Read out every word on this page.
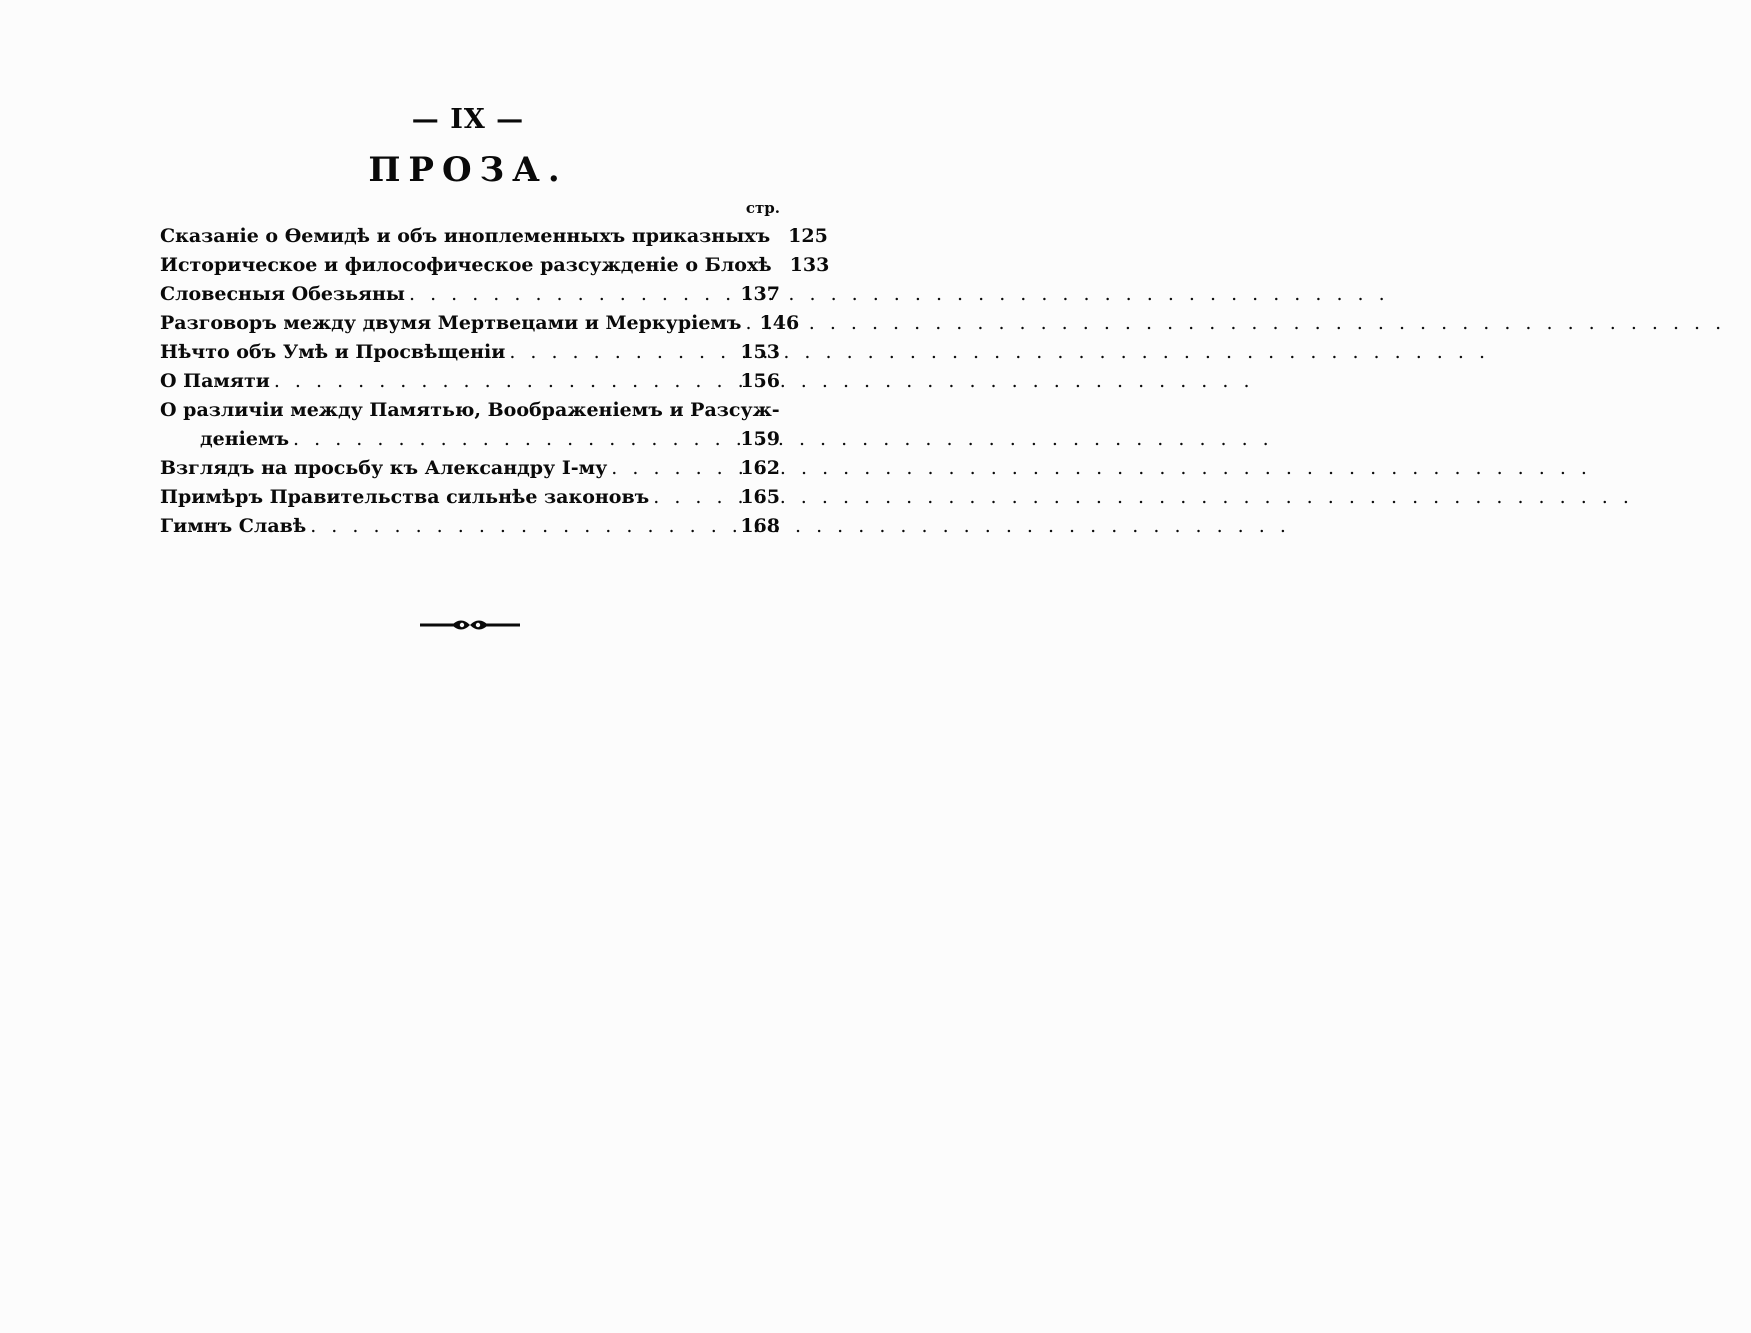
— IX —
ПРОЗА.
стр.
Сказаніе о Ѳемидѣ и объ иноплеменныхъ приказныхъ 125
Историческое и философическое разсужденіе о Блохѣ 133
Словесныя Обезьяны . . .	137
Разговоръ между двумя Мертвецами и Меркуріемъ . . . 146
Нѣчто объ Умѣ и Просвѣщеніи . . .	153
О Памяти . . .	156
О различіи между Памятью, Воображеніемъ и Разсуж-
деніемъ . . .	159
Взглядъ на просьбу къ Александру I-му . . .	162
Примѣръ Правительства сильнѣе законовъ . . .	165
Гимнъ Славѣ . . .	168
